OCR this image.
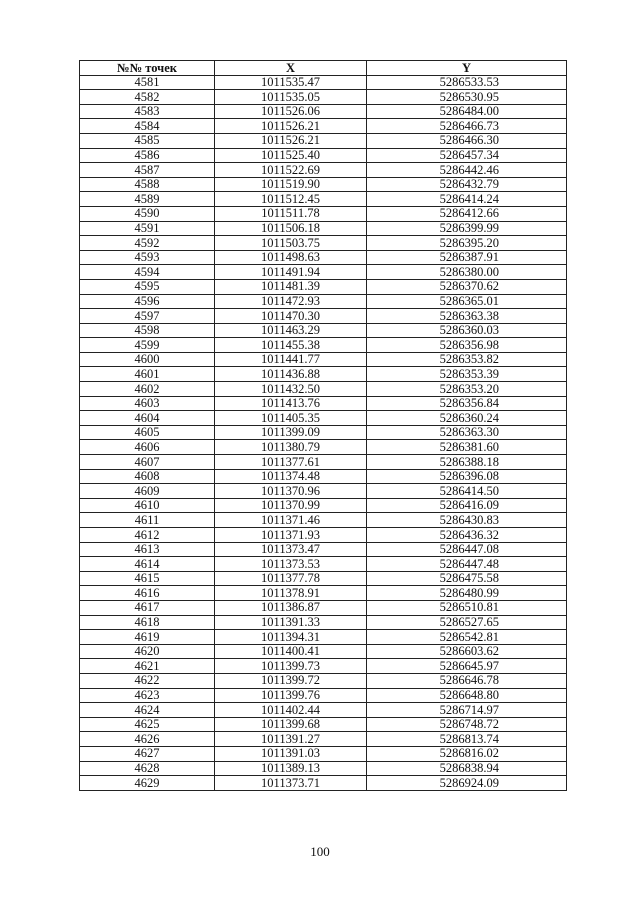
№№ точек	X	Y
4581	1011535.47	5286533.53
4582	1011535.05	5286530.95
4583	1011526.06	5286484.00
4584	1011526.21	5286466.73
4585	1011526.21	5286466.30
4586	1011525.40	5286457.34
4587	1011522.69	5286442.46
4588	1011519.90	5286432.79
4589	1011512.45	5286414.24
4590	1011511.78	5286412.66
4591	1011506.18	5286399.99
4592	1011503.75	5286395.20
4593	1011498.63	5286387.91
4594	1011491.94	5286380.00
4595	1011481.39	5286370.62
4596	1011472.93	5286365.01
4597	1011470.30	5286363.38
4598	1011463.29	5286360.03
4599	1011455.38	5286356.98
4600	1011441.77	5286353.82
4601	1011436.88	5286353.39
4602	1011432.50	5286353.20
4603	1011413.76	5286356.84
4604	1011405.35	5286360.24
4605	1011399.09	5286363.30
4606	1011380.79	5286381.60
4607	1011377.61	5286388.18
4608	1011374.48	5286396.08
4609	1011370.96	5286414.50
4610	1011370.99	5286416.09
4611	1011371.46	5286430.83
4612	1011371.93	5286436.32
4613	1011373.47	5286447.08
4614	1011373.53	5286447.48
4615	1011377.78	5286475.58
4616	1011378.91	5286480.99
4617	1011386.87	5286510.81
4618	1011391.33	5286527.65
4619	1011394.31	5286542.81
4620	1011400.41	5286603.62
4621	1011399.73	5286645.97
4622	1011399.72	5286646.78
4623	1011399.76	5286648.80
4624	1011402.44	5286714.97
4625	1011399.68	5286748.72
4626	1011391.27	5286813.74
4627	1011391.03	5286816.02
4628	1011389.13	5286838.94
4629	1011373.71	5286924.09
100
